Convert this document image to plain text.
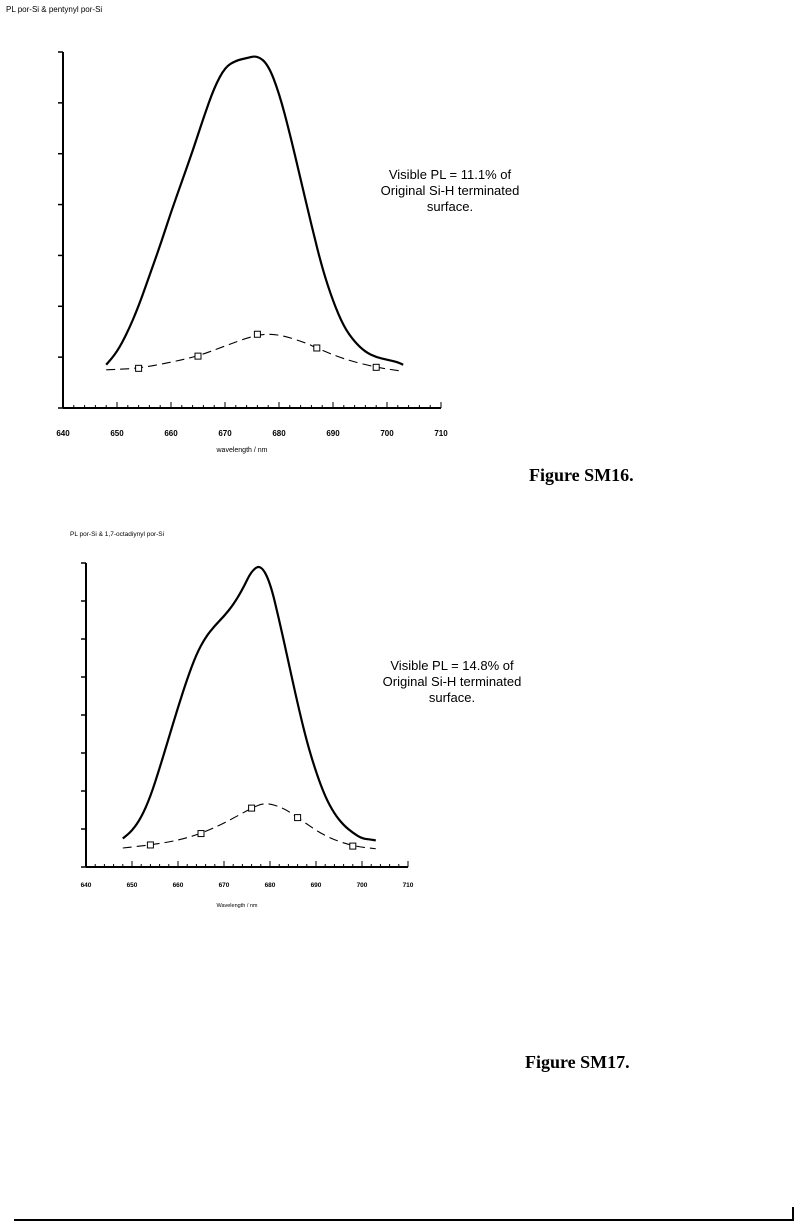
PL por-Si & pentynyl por-Si
640	650	660	670	680	690	700	710
wavelength / nm
Visible PL = 11.1% of
Original Si-H terminated
surface.
Figure SM16.
PL por-Si & 1,7-octadiynyl por-Si
640	650	660	670	680	690	700	710
Wavelength / nm
Visible PL = 14.8% of
Original Si-H terminated
surface.
Figure SM17.
